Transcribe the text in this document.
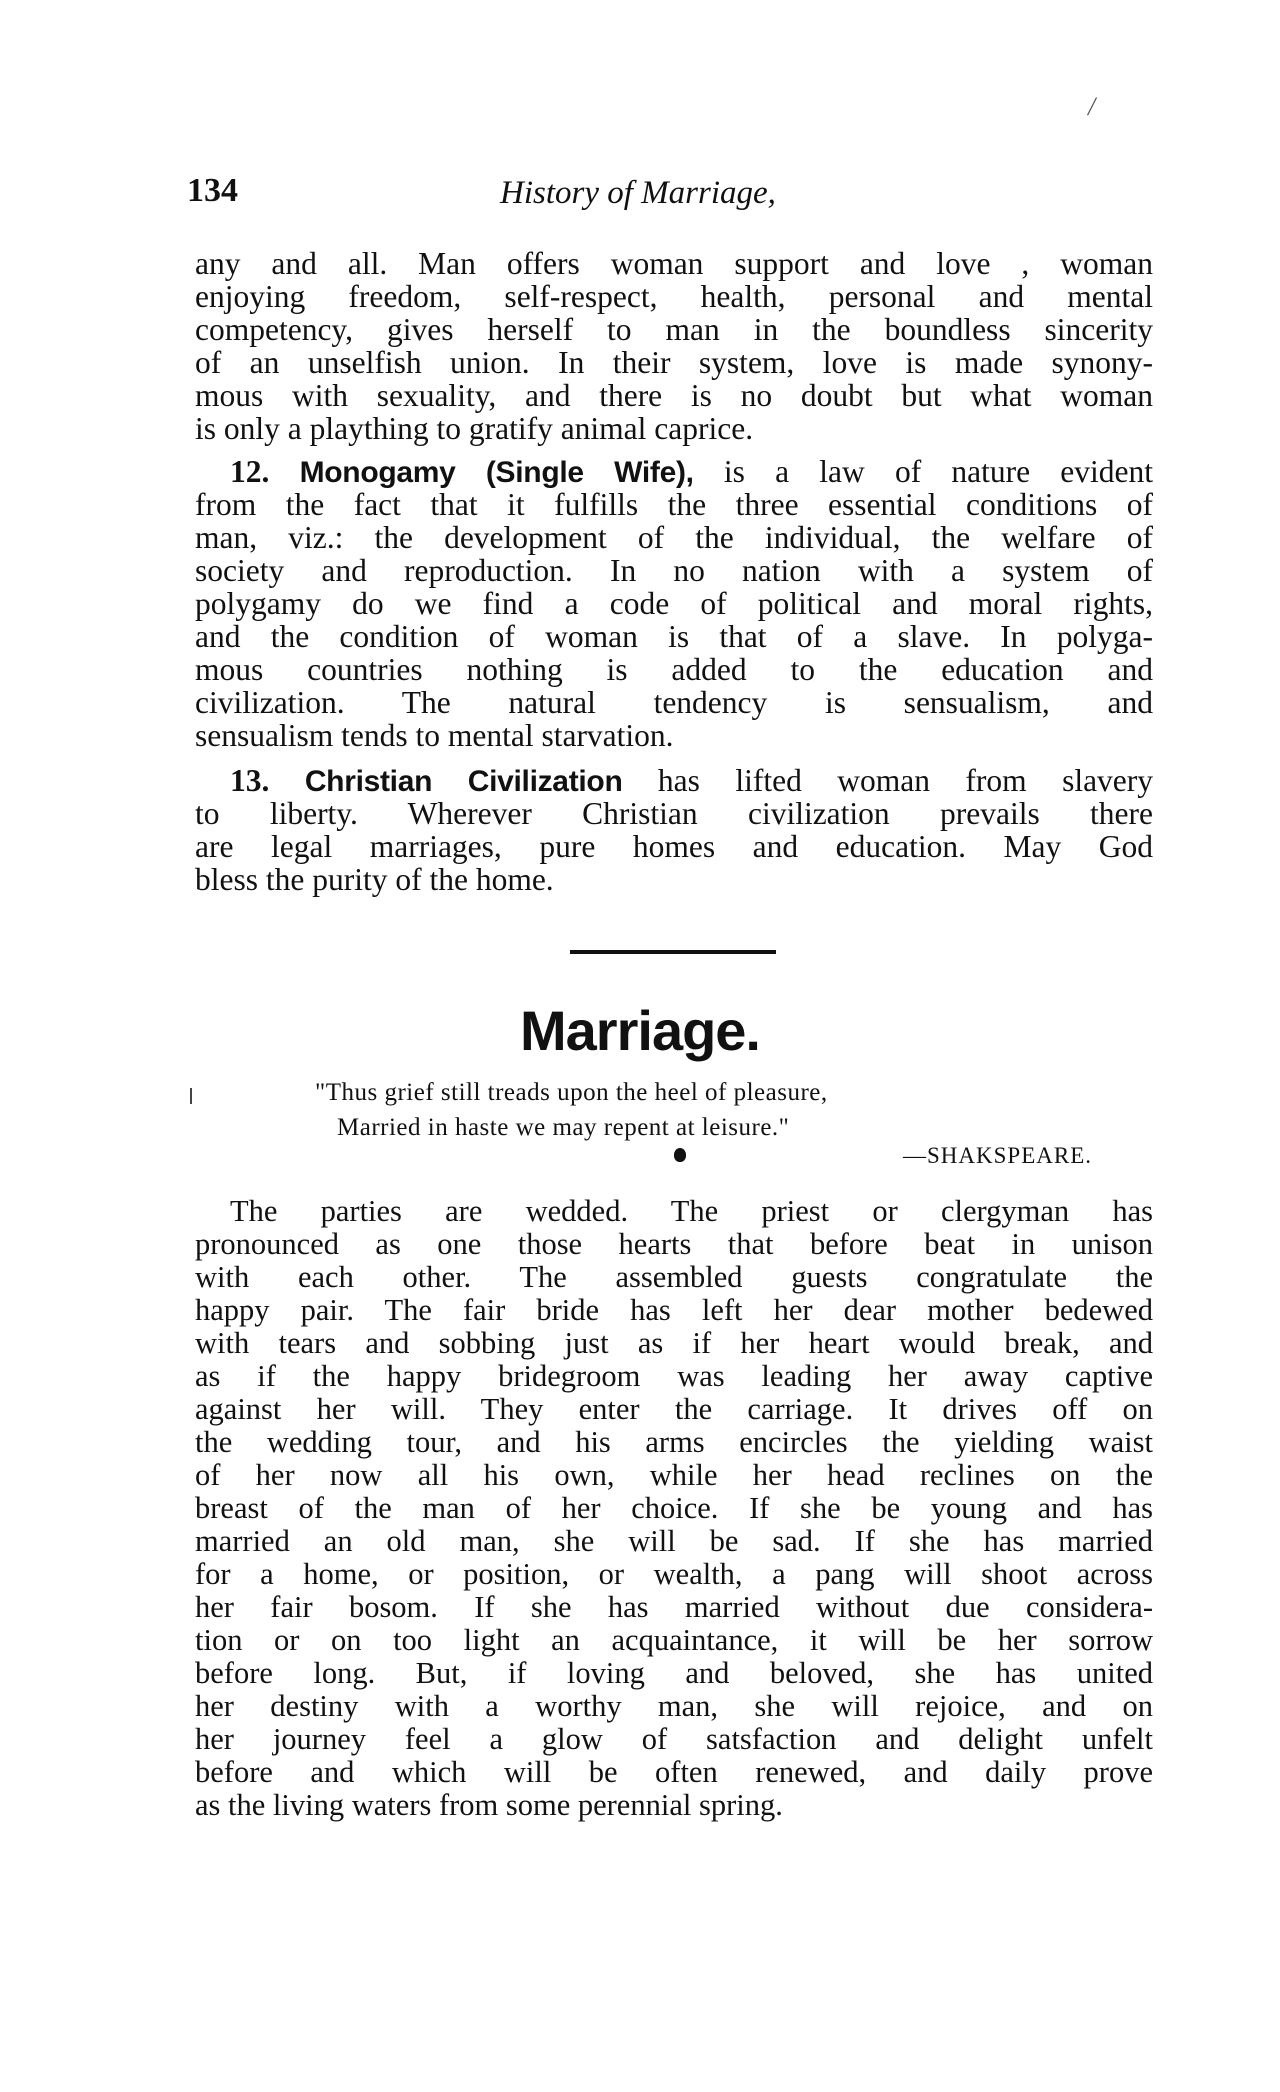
/
134	History of Marriage,
any and all. Man offers woman support and love , woman
enjoying freedom, self-respect, health, personal and mental
competency, gives herself to man in the boundless sincerity
of an unselfish union. In their system, love is made synony-
mous with sexuality, and there is no doubt but what woman
is only a plaything to gratify animal caprice.
12. Monogamy (Single Wife), is a law of nature evident
from the fact that it fulfills the three essential conditions of
man, viz.: the development of the individual, the welfare of
society and reproduction. In no nation with a system of
polygamy do we find a code of political and moral rights,
and the condition of woman is that of a slave. In polyga-
mous countries nothing is added to the education and
civilization. The natural tendency is sensualism, and
sensualism tends to mental starvation.
13. Christian Civilization has lifted woman from slavery
to liberty. Wherever Christian civilization prevails there
are legal marriages, pure homes and education. May God
bless the purity of the home.
Marriage.
"Thus grief still treads upon the heel of pleasure,
Married in haste we may repent at leisure."
—SHAKSPEARE.
The parties are wedded. The priest or clergyman has
pronounced as one those hearts that before beat in unison
with each other. The assembled guests congratulate the
happy pair. The fair bride has left her dear mother bedewed
with tears and sobbing just as if her heart would break, and
as if the happy bridegroom was leading her away captive
against her will. They enter the carriage. It drives off on
the wedding tour, and his arms encircles the yielding waist
of her now all his own, while her head reclines on the
breast of the man of her choice. If she be young and has
married an old man, she will be sad. If she has married
for a home, or position, or wealth, a pang will shoot across
her fair bosom. If she has married without due considera-
tion or on too light an acquaintance, it will be her sorrow
before long. But, if loving and beloved, she has united
her destiny with a worthy man, she will rejoice, and on
her journey feel a glow of satsfaction and delight unfelt
before and which will be often renewed, and daily prove
as the living waters from some perennial spring.
